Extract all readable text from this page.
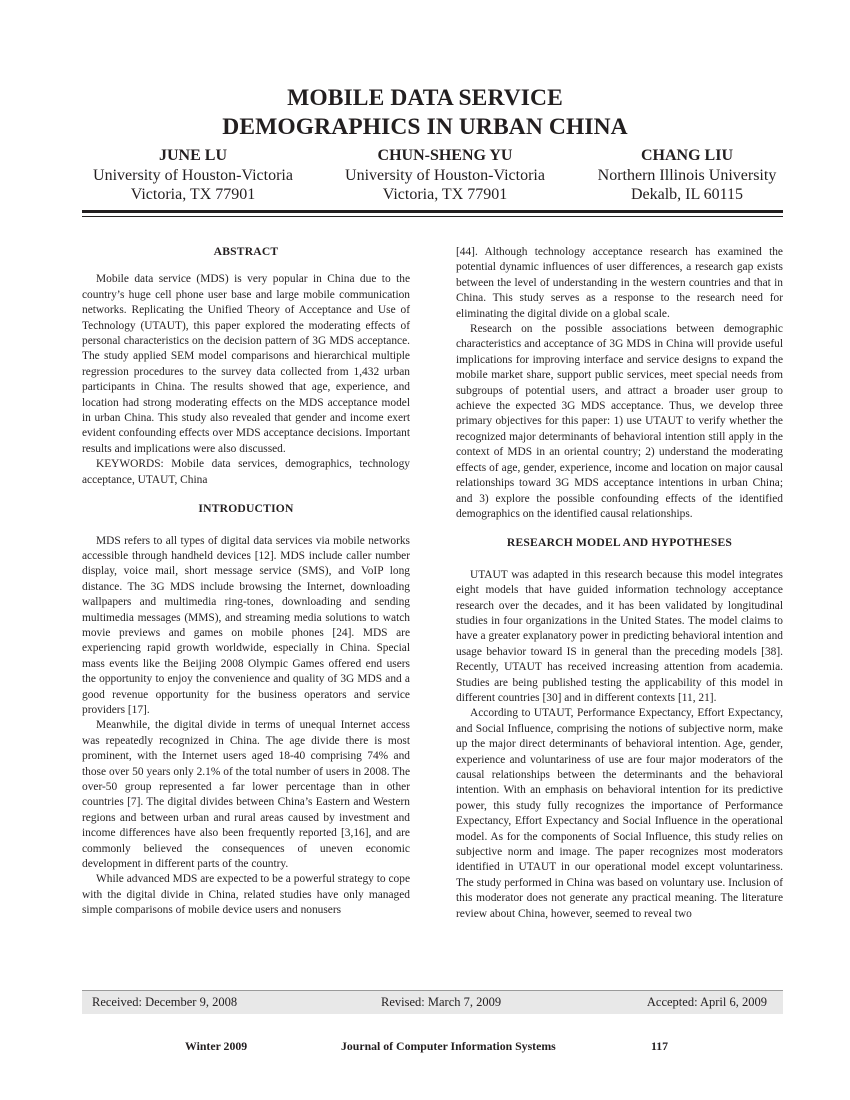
MOBILE DATA SERVICE
DEMOGRAPHICS IN URBAN CHINA
JUNE LU
University of Houston-Victoria
Victoria, TX 77901
CHUN-SHENG YU
University of Houston-Victoria
Victoria, TX 77901
CHANG LIU
Northern Illinois University
Dekalb, IL 60115
ABSTRACT

Mobile data service (MDS) is very popular in China due to the country’s huge cell phone user base and large mobile communication networks. Replicating the Unified Theory of Acceptance and Use of Technology (UTAUT), this paper explored the moderating effects of personal characteristics on the decision pattern of 3G MDS acceptance. The study applied SEM model comparisons and hierarchical multiple regression procedures to the survey data collected from 1,432 urban participants in China. The results showed that age, experience, and location had strong moderating effects on the MDS acceptance model in urban China. This study also revealed that gender and income exert evident confounding effects over MDS acceptance decisions. Important results and implications were also discussed.

KEYWORDS: Mobile data services, demographics, technology acceptance, UTAUT, China

INTRODUCTION

MDS refers to all types of digital data services via mobile networks accessible through handheld devices [12]. MDS include caller number display, voice mail, short message service (SMS), and VoIP long distance. The 3G MDS include browsing the Internet, downloading wallpapers and multimedia ring-tones, downloading and sending multimedia messages (MMS), and streaming media solutions to watch movie previews and games on mobile phones [24]. MDS are experiencing rapid growth worldwide, especially in China. Special mass events like the Beijing 2008 Olympic Games offered end users the opportunity to enjoy the convenience and quality of 3G MDS and a good revenue opportunity for the business operators and service providers [17].

Meanwhile, the digital divide in terms of unequal Internet access was repeatedly recognized in China. The age divide there is most prominent, with the Internet users aged 18-40 comprising 74% and those over 50 years only 2.1% of the total number of users in 2008. The over-50 group represented a far lower percentage than in other countries [7]. The digital divides between China’s Eastern and Western regions and between urban and rural areas caused by investment and income differences have also been frequently reported [3,16], and are commonly believed the consequences of uneven economic development in different parts of the country.

While advanced MDS are expected to be a powerful strategy to cope with the digital divide in China, related studies have only managed simple comparisons of mobile device users and nonusers

[44]. Although technology acceptance research has examined the potential dynamic influences of user differences, a research gap exists between the level of understanding in the western countries and that in China. This study serves as a response to the research need for eliminating the digital divide on a global scale.

Research on the possible associations between demographic characteristics and acceptance of 3G MDS in China will provide useful implications for improving interface and service designs to expand the mobile market share, support public services, meet special needs from subgroups of potential users, and attract a broader user group to achieve the expected 3G MDS acceptance. Thus, we develop three primary objectives for this paper: 1) use UTAUT to verify whether the recognized major determinants of behavioral intention still apply in the context of MDS in an oriental country; 2) understand the moderating effects of age, gender, experience, income and location on major causal relationships toward 3G MDS acceptance intentions in urban China; and 3) explore the possible confounding effects of the identified demographics on the identified causal relationships.

RESEARCH MODEL AND HYPOTHESES

UTAUT was adapted in this research because this model integrates eight models that have guided information technology acceptance research over the decades, and it has been validated by longitudinal studies in four organizations in the United States. The model claims to have a greater explanatory power in predicting behavioral intention and usage behavior toward IS in general than the preceding models [38]. Recently, UTAUT has received increasing attention from academia. Studies are being published testing the applicability of this model in different countries [30] and in different contexts [11, 21].

According to UTAUT, Performance Expectancy, Effort Expectancy, and Social Influence, comprising the notions of subjective norm, make up the major direct determinants of behavioral intention. Age, gender, experience and voluntariness of use are four major moderators of the causal relationships between the determinants and the behavioral intention. With an emphasis on behavioral intention for its predictive power, this study fully recognizes the importance of Performance Expectancy, Effort Expectancy and Social Influence in the operational model. As for the components of Social Influence, this study relies on subjective norm and image. The paper recognizes most moderators identified in UTAUT in our operational model except voluntariness. The study performed in China was based on voluntary use. Inclusion of this moderator does not generate any practical meaning. The literature review about China, however, seemed to reveal two

Received: December 9, 2008	Revised: March 7, 2009	Accepted: April 6, 2009
Winter 2009	Journal of Computer Information Systems	117
